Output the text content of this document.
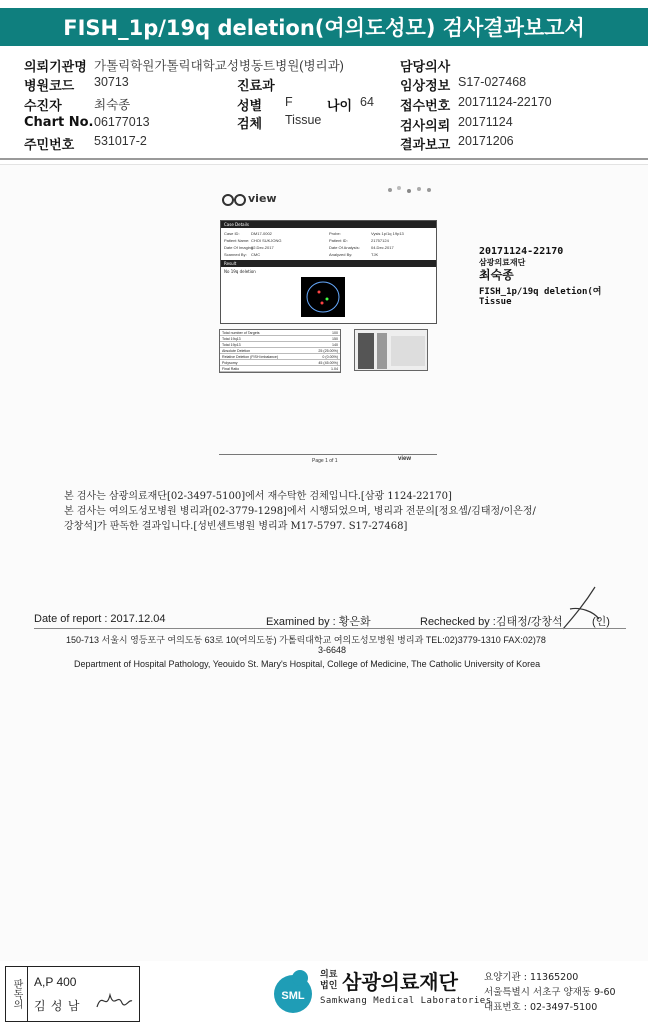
FISH_1p/19q deletion(여의도성모) 검사결과보고서
의뢰기관명 가톨릭학원가톨릭대학교성병동트병원(병리과)	담당의사
병원코드 30713	진료과	임상정보 S17-027468
수진자	최숙종	성별 F	나이 64 접수번호 20171124-22170
Chart No. 06177013	검체 Tissue	검사의뢰 20171124
주민번호 531017-2	결과보고 20171206
view
Case Details
Case ID:	DM17-0002	Probe:	Vysis 1p/1q 19p13
Patient Name: CHOI SUKJONG	Patient ID:	21757124
Date Of Imaging:
02.Dec.2017	Date Of Analysis:	04.Dec.2017
Scanned By: CMC	Analyzed By:	TJK
Result
No 19q deletion
Total number of Targets	100
Total 19q13	150
Total 19p13	140
Absolute Deletion	25 (25.00%)
Relative Deletion (FISH imbalance)	0 (0.00%)
Polysomy	45 (45.00%)
Final Ratio	1.04
Page 1 of 1	view
20171124-22170
삼광의료재단
최숙종
FISH_1p/19q deletion(여
Tissue
본 검사는 삼광의료재단[02-3497-5100]에서 재수탁한 검체입니다.[삼광 1124-22170]
본 검사는 여의도성모병원 병리과[02-3779-1298]에서 시행되었으며, 병리과 전문의[정요셉/김태정/이은정/
강창석]가 판독한 결과입니다.[성빈센트병원 병리과 M17-5797. S17-27468]
Date of report : 2017.12.04	Examined by : 황은화	Rechecked by :김태정/강창석	(인)
150-713 서울시 영등포구 여의도동 63로 10(여의도동) 가톨릭대학교 여의도성모병원 병리과 TEL:02)3779-1310 FAX:02)78
3-6648
Department of Hospital Pathology, Yeouido St. Mary's Hospital, College of Medicine, The Catholic University of Korea
판독의	A,P 400
김 성 남
SML
의료
법인 삼광의료재단
Samkwang Medical Laboratories
요양기관 : 11365200
서울특별시 서초구 양재동 9-60
대표번호 : 02-3497-5100
